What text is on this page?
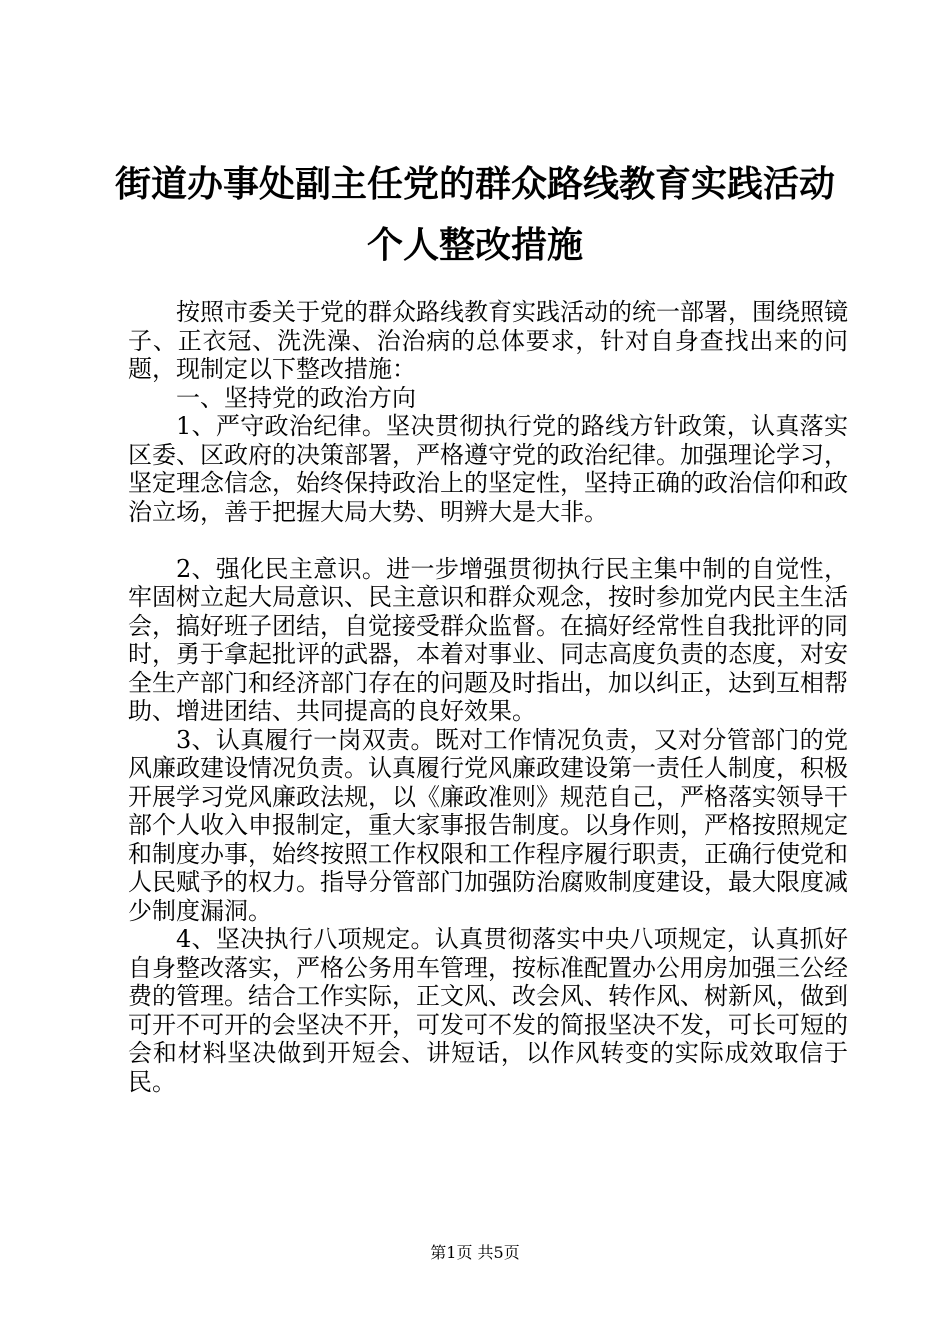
街道办事处副主任党的群众路线教育实践活动
个人整改措施

按照市委关于党的群众路线教育实践活动的统一部署，围绕照镜子、正衣冠、洗洗澡、治治病的总体要求，针对自身查找出来的问题，现制定以下整改措施：

一、坚持党的政治方向

1、严守政治纪律。坚决贯彻执行党的路线方针政策，认真落实区委、区政府的决策部署，严格遵守党的政治纪律。加强理论学习，坚定理念信念，始终保持政治上的坚定性，坚持正确的政治信仰和政治立场，善于把握大局大势、明辨大是大非。

2、强化民主意识。进一步增强贯彻执行民主集中制的自觉性，牢固树立起大局意识、民主意识和群众观念，按时参加党内民主生活会，搞好班子团结，自觉接受群众监督。在搞好经常性自我批评的同时，勇于拿起批评的武器，本着对事业、同志高度负责的态度，对安全生产部门和经济部门存在的问题及时指出，加以纠正，达到互相帮助、增进团结、共同提高的良好效果。

3、认真履行一岗双责。既对工作情况负责，又对分管部门的党风廉政建设情况负责。认真履行党风廉政建设第一责任人制度，积极开展学习党风廉政法规，以《廉政准则》规范自己，严格落实领导干部个人收入申报制定，重大家事报告制度。以身作则，严格按照规定和制度办事，始终按照工作权限和工作程序履行职责，正确行使党和人民赋予的权力。指导分管部门加强防治腐败制度建设，最大限度减少制度漏洞。

4、坚决执行八项规定。认真贯彻落实中央八项规定，认真抓好自身整改落实，严格公务用车管理，按标准配置办公用房加强三公经费的管理。结合工作实际，正文风、改会风、转作风、树新风，做到可开不可开的会坚决不开，可发可不发的简报坚决不发，可长可短的会和材料坚决做到开短会、讲短话，以作风转变的实际成效取信于民。

第1页 共5页
